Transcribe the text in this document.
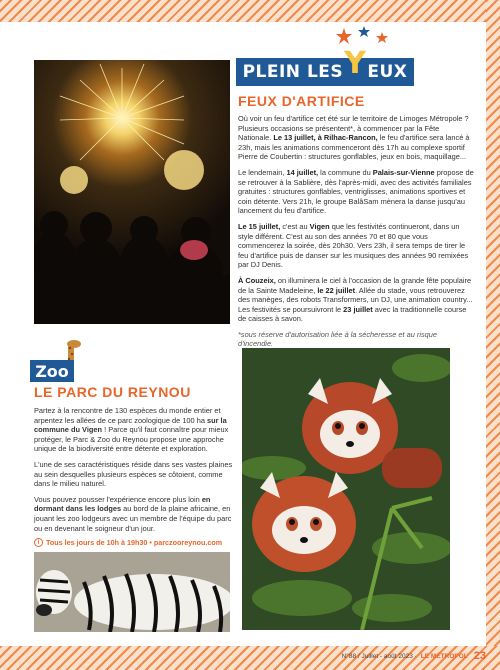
PLEIN LES Y EUX
FEUX D'ARTIFICE

Où voir un feu d'artifice cet été sur le territoire de Limoges Métropole ? Plusieurs occasions se présentent*, à commencer par la Fête Nationale. Le 13 juillet, à Rilhac-Rancon, le feu d'artifice sera lancé à 23h, mais les animations commenceront dès 17h au complexe sportif Pierre de Coubertin : structures gonflables, jeux en bois, maquillage...

Le lendemain, 14 juillet, la commune du Palais-sur-Vienne propose de se retrouver à la Sablière, dès l'après-midi, avec des activités familiales gratuites : structures gonflables, ventriglisses, animations sportives et coin détente. Vers 21h, le groupe BalâSam mènera la danse jusqu'au lancement du feu d'artifice.

Le 15 juillet, c'est au Vigen que les festivités continueront, dans un style différent. C'est au son des années 70 et 80 que vous commencerez la soirée, dès 20h30. Vers 23h, il sera temps de tirer le feu d'artifice puis de danser sur les musiques des années 90 remixées par DJ Denis.

À Couzeix, on illuminera le ciel à l'occasion de la grande fête populaire de la Sainte Madeleine, le 22 juillet. Allée du stade, vous retrouverez des manèges, des robots Transformers, un DJ, une animation country... Les festivités se poursuivront le 23 juillet avec la traditionnelle course de caisses à savon.

*sous réserve d'autorisation liée à la sécheresse et au risque d'incendie.

Zoo
LE PARC DU REYNOU

Partez à la rencontre de 130 espèces du monde entier et arpentez les allées de ce parc zoologique de 100 ha sur la commune du Vigen ! Parce qu'il faut connaître pour mieux protéger, le Parc & Zoo du Reynou propose une approche unique de la biodiversité entre détente et exploration.

L'une de ses caractéristiques réside dans ses vastes plaines au sein desquelles plusieurs espèces se côtoient, comme dans le milieu naturel.

Vous pouvez pousser l'expérience encore plus loin en dormant dans les lodges au bord de la plaine africaine, en jouant les zoo lodgeurs avec un membre de l'équipe du parc ou en devenant le soigneur d'un jour.

i Tous les jours de 10h à 19h30 • parczooreynou.com
N°88 / Juillet - août 2023 · LE MÉTROPOL 23
